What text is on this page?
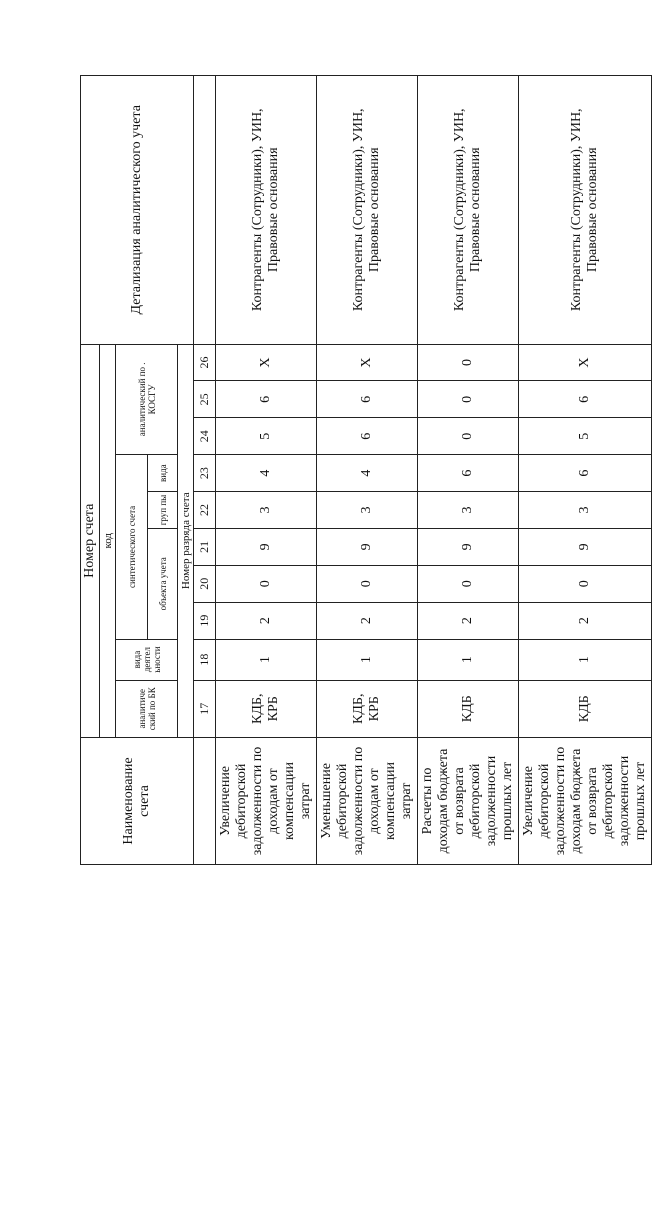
Наименование счета	Номер счета										Детализация аналитического учета
	код										
	аналитиче ский по БК	вида деятел ьности	синтетического счета					аналитический по . КОСГУ			
			объекта учета			груп пы	вида				
	Номер разряда счета										
	17	18	19	20	21	22	23	24	25	26	
Увеличение дебиторской задолженности по доходам от компенсации затрат	КДБ, КРБ	1	2	0	9	3	4	5	6	X	Контрагенты (Сотрудники), УИН, Правовые основания
Уменьшение дебиторской задолженности по доходам от компенсации затрат	КДБ, КРБ	1	2	0	9	3	4	6	6	X	Контрагенты (Сотрудники), УИН, Правовые основания
Расчеты по доходам бюджета от возврата дебиторской задолженности прошлых лет	КДБ	1	2	0	9	3	6	0	0	0	Контрагенты (Сотрудники), УИН, Правовые основания
Увеличение дебиторской задолженности по доходам бюджета от возврата дебиторской задолженности прошлых лет	КДБ	1	2	0	9	3	6	5	6	X	Контрагенты (Сотрудники), УИН, Правовые основания
